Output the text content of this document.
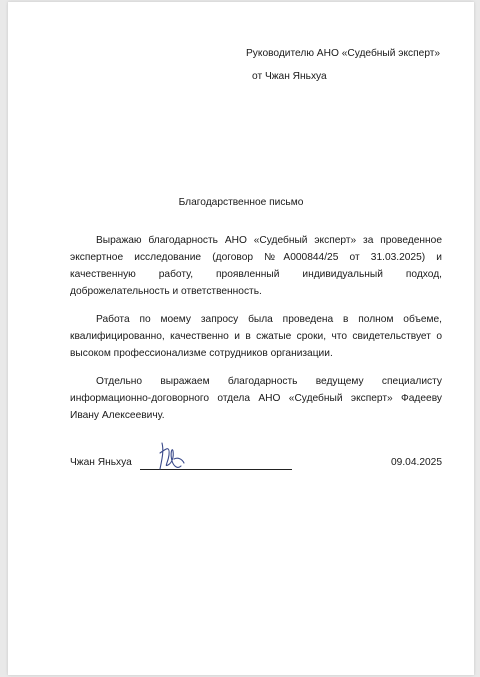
Руководителю АНО «Судебный эксперт»

от Чжан Яньхуа
Благодарственное письмо

Выражаю благодарность АНО «Судебный эксперт» за проведенное экспертное исследование (договор №А000844/25 от 31.03.2025) и качественную работу, проявленный индивидуальный подход, доброжелательность и ответственность.

Работа по моему запросу была проведена в полном объеме, квалифицированно, качественно и в сжатые сроки, что свидетельствует о высоком профессионализме сотрудников организации.

Отдельно выражаем благодарность ведущему специалисту информационно-договорного отдела АНО «Судебный эксперт» Фадееву Ивану Алексеевичу.

Чжан Яньхуа	09.04.2025
